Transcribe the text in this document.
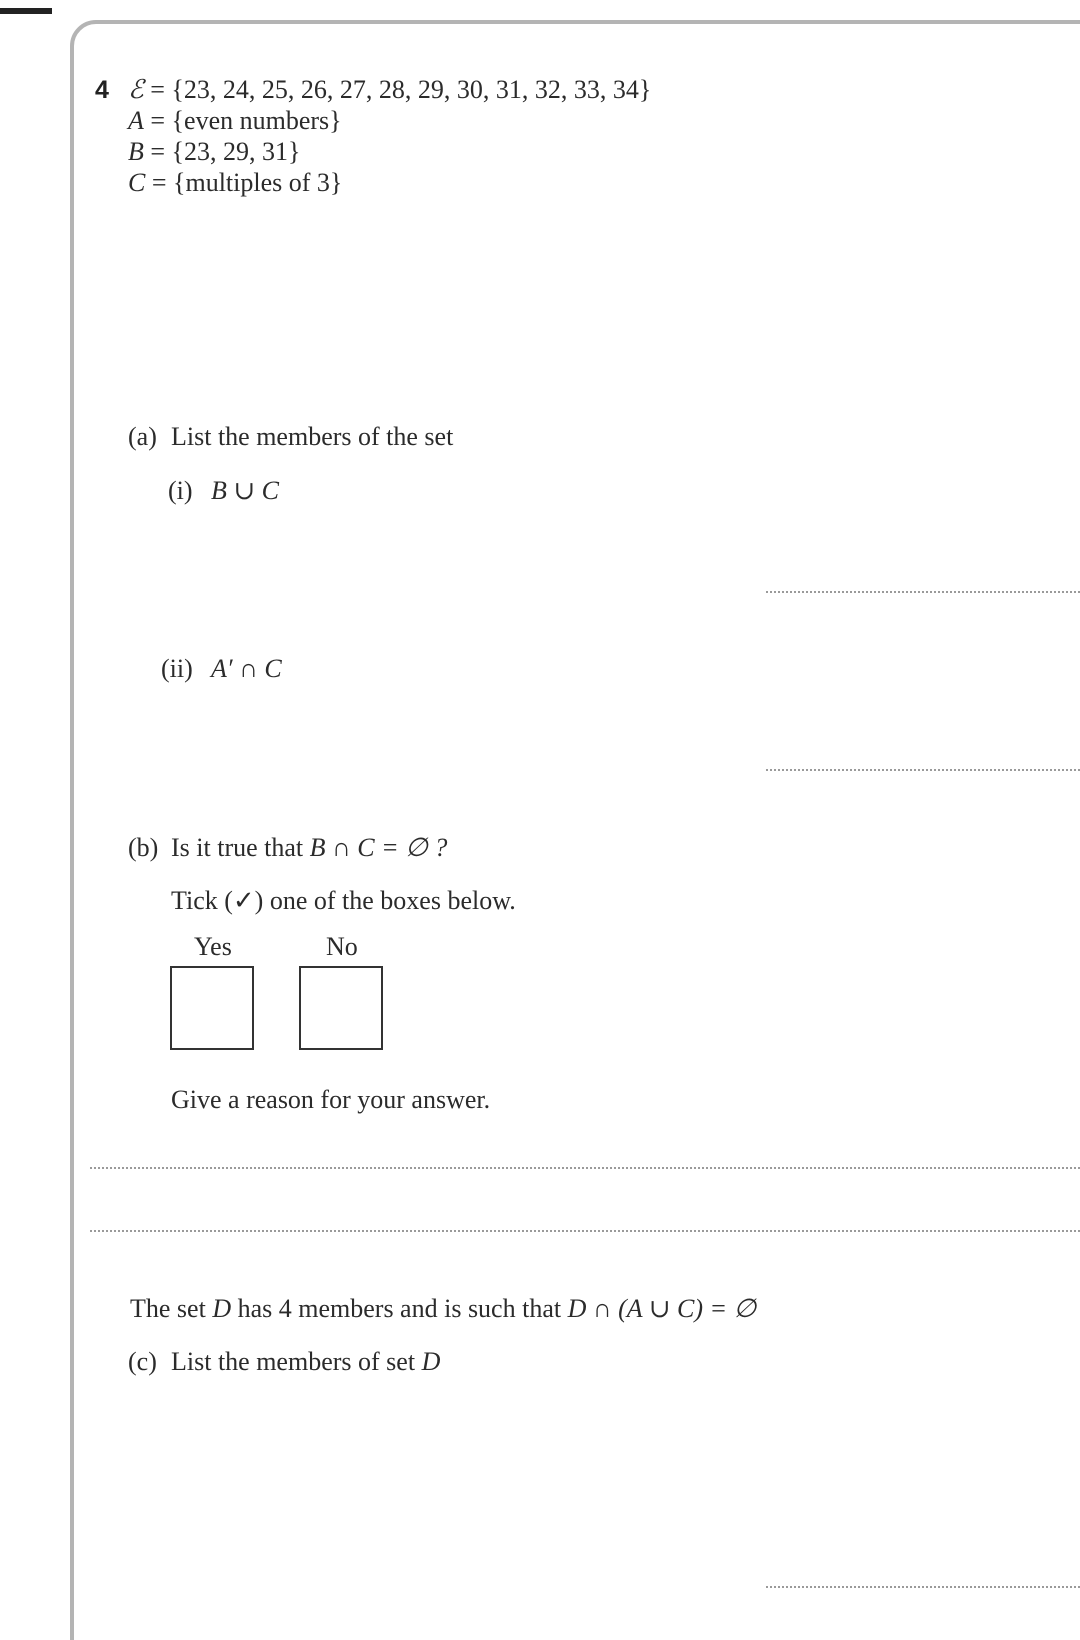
4 ℰ = {23, 24, 25, 26, 27, 28, 29, 30, 31, 32, 33, 34}
A = {even numbers}
B = {23, 29, 31}
C = {multiples of 3}
(a) List the members of the set
(i) B ∪ C
(ii) A′ ∩ C
(b) Is it true that B ∩ C = ∅ ?
Tick (✓) one of the boxes below.
Yes	No
Give a reason for your answer.
The set D has 4 members and is such that D ∩ (A ∪ C) = ∅
(c) List the members of set D
